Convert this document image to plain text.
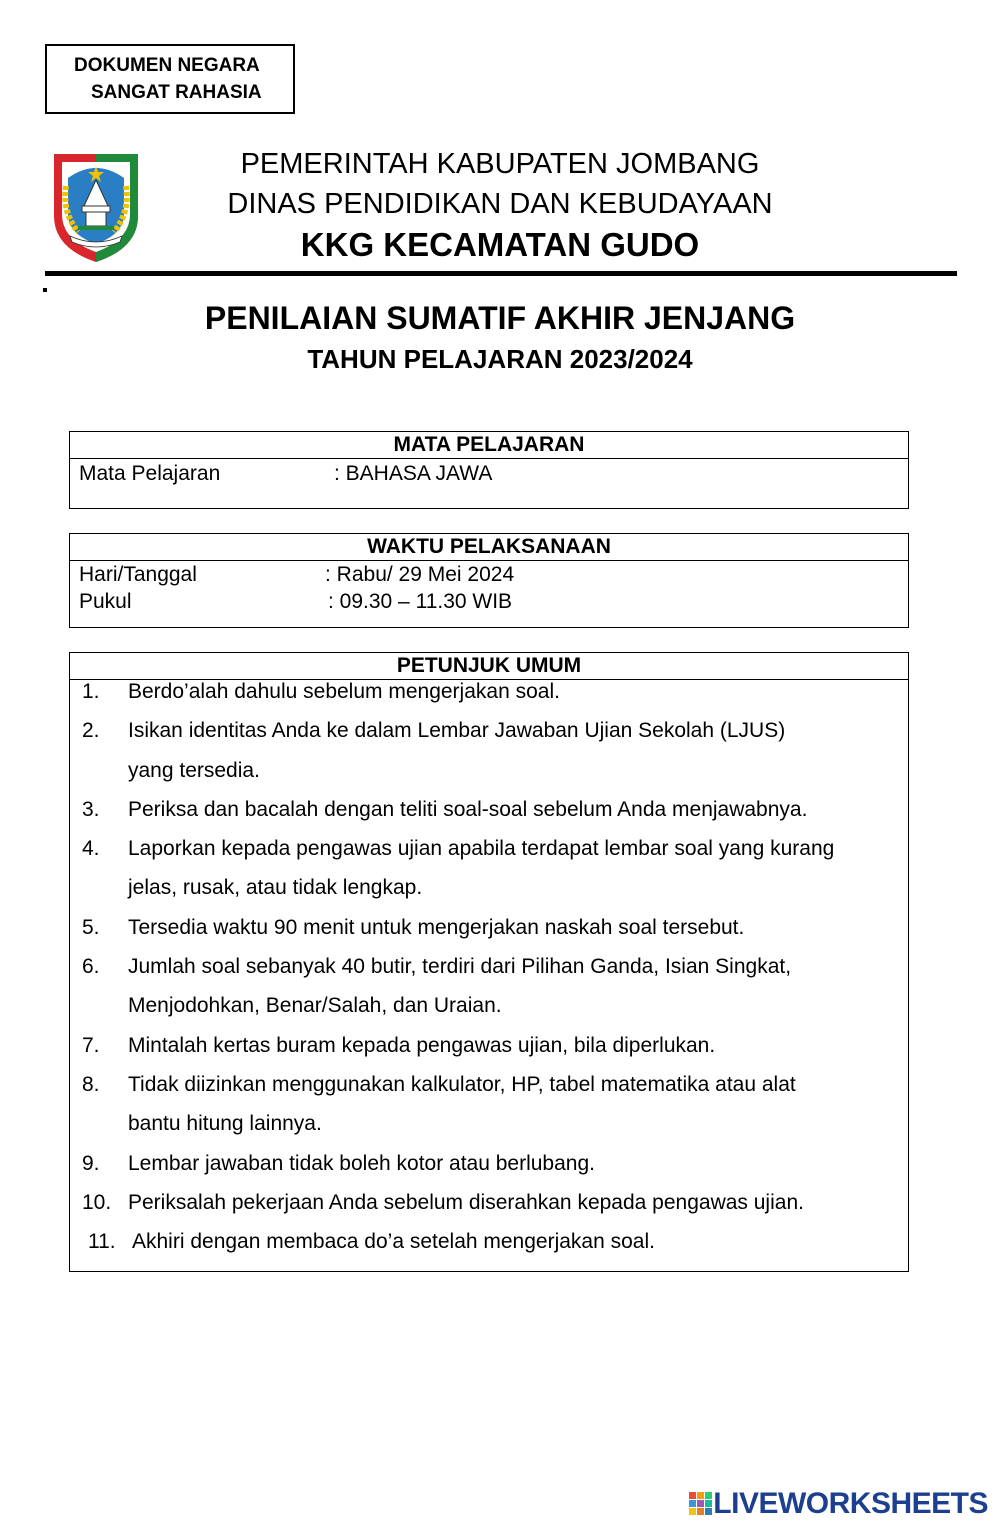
DOKUMEN NEGARA
SANGAT RAHASIA
PEMERINTAH KABUPATEN JOMBANG
DINAS PENDIDIKAN DAN KEBUDAYAAN
KKG KECAMATAN GUDO
PENILAIAN SUMATIF AKHIR JENJANG
TAHUN PELAJARAN 2023/2024
MATA PELAJARAN
Mata Pelajaran	: BAHASA JAWA
WAKTU PELAKSANAAN
Hari/Tanggal	: Rabu/ 29 Mei 2024
Pukul	: 09.30 – 11.30 WIB
PETUNJUK UMUM
1.	Berdo’alah dahulu sebelum mengerjakan soal.
2.	Isikan identitas Anda ke dalam Lembar Jawaban Ujian Sekolah (LJUS)
yang tersedia.
3.	Periksa dan bacalah dengan teliti soal-soal sebelum Anda menjawabnya.
4.	Laporkan kepada pengawas ujian apabila terdapat lembar soal yang kurang
jelas, rusak, atau tidak lengkap.
5.	Tersedia waktu 90 menit untuk mengerjakan naskah soal tersebut.
6.	Jumlah soal sebanyak 40 butir, terdiri dari Pilihan Ganda, Isian Singkat,
Menjodohkan, Benar/Salah, dan Uraian.
7.	Mintalah kertas buram kepada pengawas ujian, bila diperlukan.
8.	Tidak diizinkan menggunakan kalkulator, HP, tabel matematika atau alat
bantu hitung lainnya.
9.	Lembar jawaban tidak boleh kotor atau berlubang.
10. Periksalah pekerjaan Anda sebelum diserahkan kepada pengawas ujian.
11. Akhiri dengan membaca do’a setelah mengerjakan soal.
LIVEWORKSHEETS
